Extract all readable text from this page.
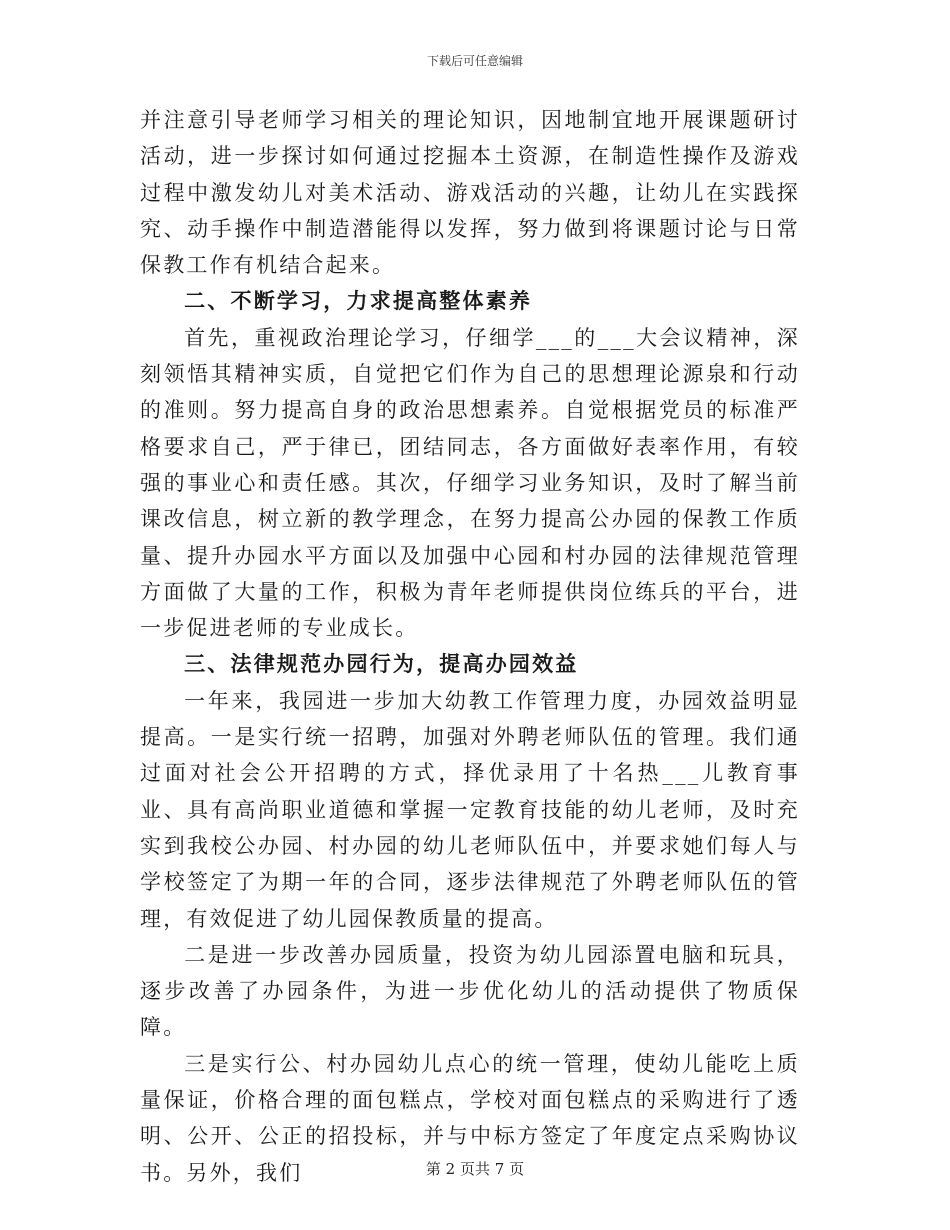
下载后可任意编辑

并注意引导老师学习相关的理论知识，因地制宜地开展课题研讨活动，进一步探讨如何通过挖掘本土资源，在制造性操作及游戏过程中激发幼儿对美术活动、游戏活动的兴趣，让幼儿在实践探究、动手操作中制造潜能得以发挥，努力做到将课题讨论与日常保教工作有机结合起来。

二、不断学习，力求提高整体素养

首先，重视政治理论学习，仔细学___的___大会议精神，深刻领悟其精神实质，自觉把它们作为自己的思想理论源泉和行动的准则。努力提高自身的政治思想素养。自觉根据党员的标准严格要求自己，严于律已，团结同志，各方面做好表率作用，有较强的事业心和责任感。其次，仔细学习业务知识，及时了解当前课改信息，树立新的教学理念，在努力提高公办园的保教工作质量、提升办园水平方面以及加强中心园和村办园的法律规范管理方面做了大量的工作，积极为青年老师提供岗位练兵的平台，进一步促进老师的专业成长。

三、法律规范办园行为，提高办园效益

一年来，我园进一步加大幼教工作管理力度，办园效益明显提高。一是实行统一招聘，加强对外聘老师队伍的管理。我们通过面对社会公开招聘的方式，择优录用了十名热___儿教育事业、具有高尚职业道德和掌握一定教育技能的幼儿老师，及时充实到我校公办园、村办园的幼儿老师队伍中，并要求她们每人与学校签定了为期一年的合同，逐步法律规范了外聘老师队伍的管理，有效促进了幼儿园保教质量的提高。

二是进一步改善办园质量，投资为幼儿园添置电脑和玩具，逐步改善了办园条件，为进一步优化幼儿的活动提供了物质保障。

三是实行公、村办园幼儿点心的统一管理，使幼儿能吃上质量保证，价格合理的面包糕点，学校对面包糕点的采购进行了透明、公开、公正的招投标，并与中标方签定了年度定点采购协议书。另外，我们	第 2 页共 7 页
